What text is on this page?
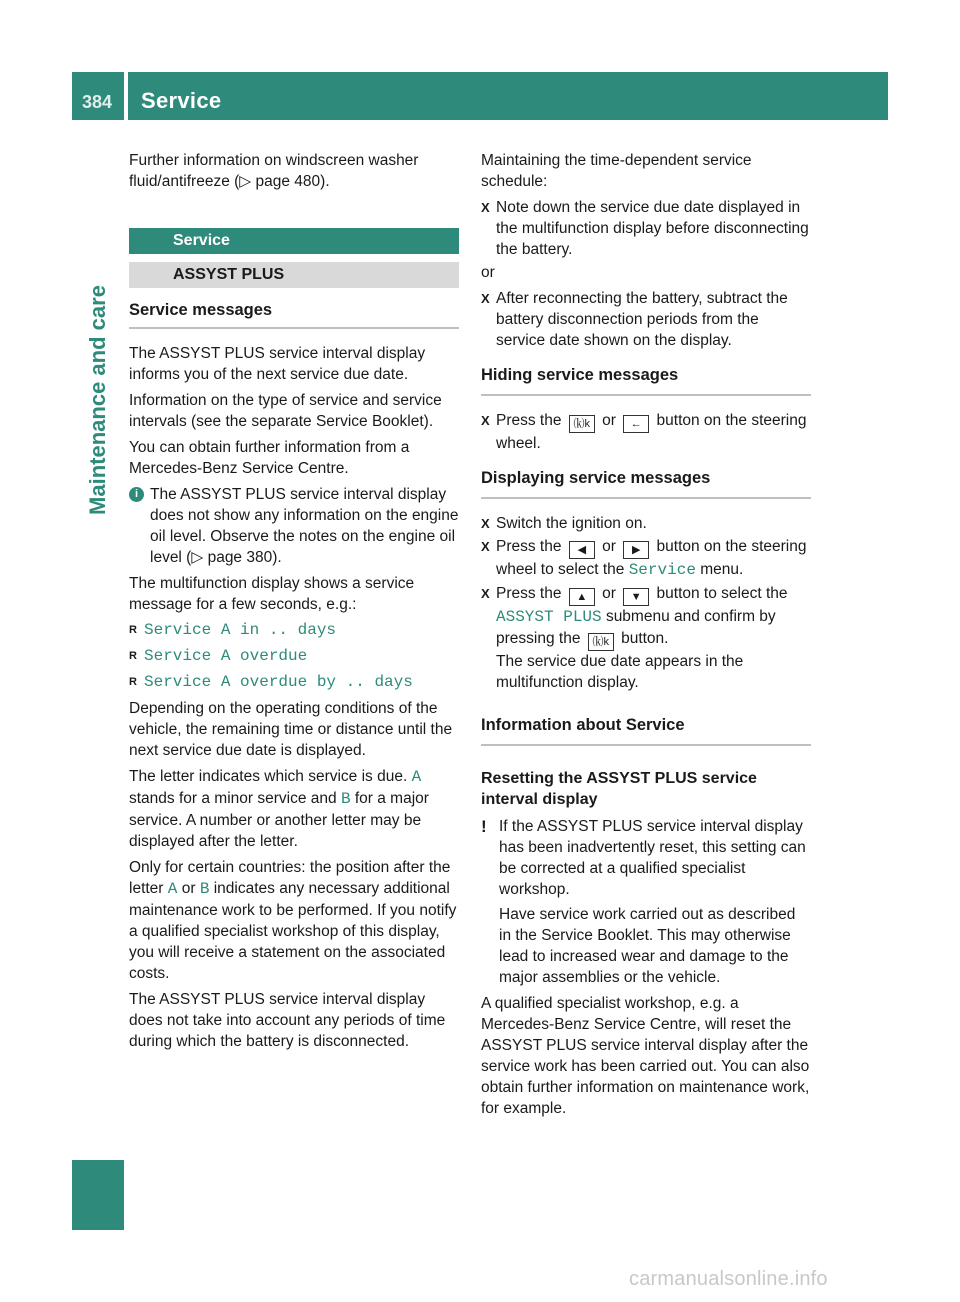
384 Service
Maintenance and care

Further information on windscreen washer fluid/antifreeze (▷ page 480).

Service
ASSYST PLUS
Service messages

The ASSYST PLUS service interval display informs you of the next service due date.

Information on the type of service and service intervals (see the separate Service Booklet).

You can obtain further information from a Mercedes-Benz Service Centre.

i The ASSYST PLUS service interval display does not show any information on the engine oil level. Observe the notes on the engine oil level (▷ page 380).

The multifunction display shows a service message for a few seconds, e.g.:

R Service A in .. days
R Service A overdue
R Service A overdue by .. days

Depending on the operating conditions of the vehicle, the remaining time or distance until the next service due date is displayed.

The letter indicates which service is due. A stands for a minor service and B for a major service. A number or another letter may be displayed after the letter.

Only for certain countries: the position after the letter A or B indicates any necessary additional maintenance work to be performed. If you notify a qualified specialist workshop of this display, you will receive a statement on the associated costs.

The ASSYST PLUS service interval display does not take into account any periods of time during which the battery is disconnected.

Maintaining the time-dependent service schedule:

X Note down the service due date displayed in the multifunction display before disconnecting the battery.

or

X After reconnecting the battery, subtract the battery disconnection periods from the service date shown on the display.
Hiding service messages
X Press the ⒦k or ← button on the steering wheel.
Displaying service messages
X Switch the ignition on.
X Press the ◀ or ▶ button on the steering wheel to select the Service menu.
X Press the ▲ or ▼ button to select the ASSYST PLUS submenu and confirm by pressing the ⒦k button.
The service due date appears in the multifunction display.
Information about Service
Resetting the ASSYST PLUS service interval display
! If the ASSYST PLUS service interval display has been inadvertently reset, this setting can be corrected at a qualified specialist workshop.

Have service work carried out as described in the Service Booklet. This may otherwise lead to increased wear and damage to the major assemblies or the vehicle.

A qualified specialist workshop, e.g. a Mercedes-Benz Service Centre, will reset the ASSYST PLUS service interval display after the service work has been carried out. You can also obtain further information on maintenance work, for example.

carmanualsonline.info
